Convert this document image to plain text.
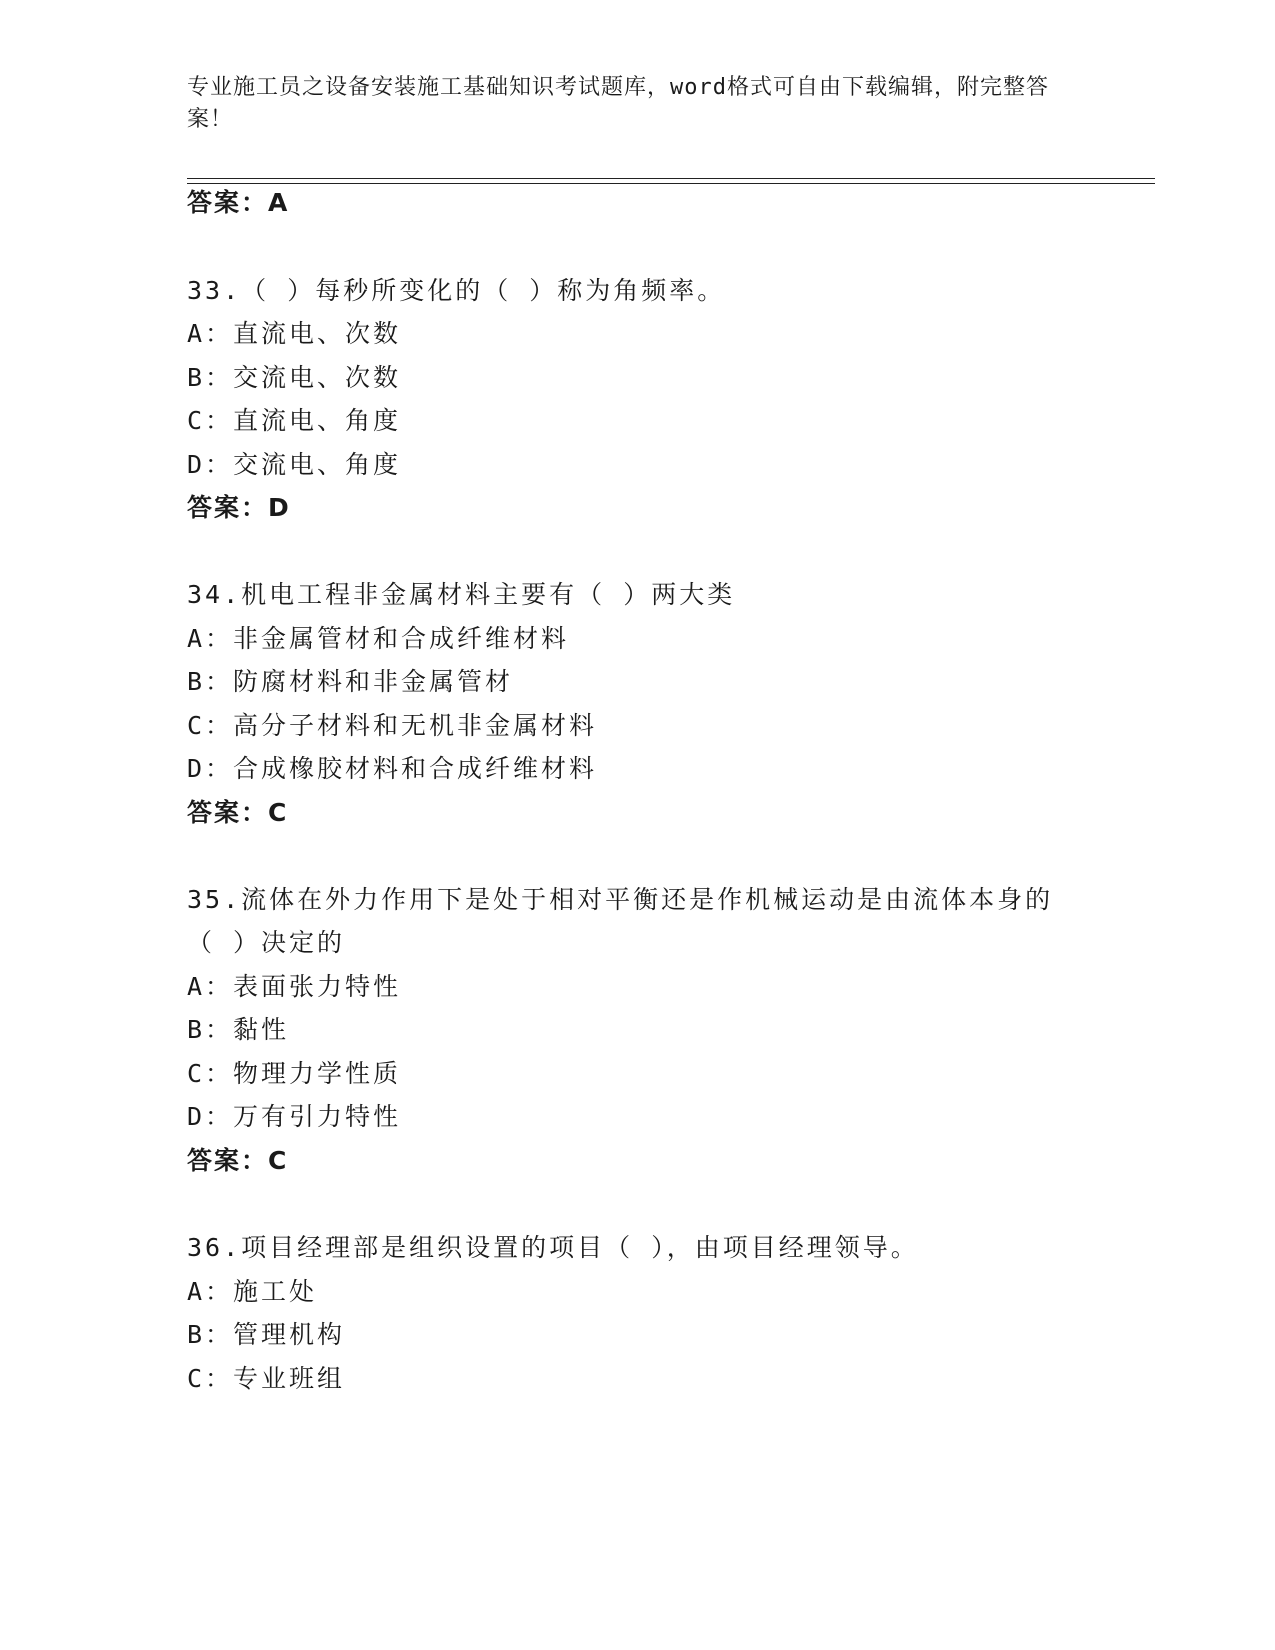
专业施工员之设备安装施工基础知识考试题库，word格式可自由下载编辑，附完整答案！
答案：A
33.（ ）每秒所变化的（ ）称为角频率。
A：直流电、次数
B：交流电、次数
C：直流电、角度
D：交流电、角度
答案：D
34.机电工程非金属材料主要有（ ）两大类
A：非金属管材和合成纤维材料
B：防腐材料和非金属管材
C：高分子材料和无机非金属材料
D：合成橡胶材料和合成纤维材料
答案：C
35.流体在外力作用下是处于相对平衡还是作机械运动是由流体本身的
（ ）决定的
A：表面张力特性
B：黏性
C：物理力学性质
D：万有引力特性
答案：C
36.项目经理部是组织设置的项目（ ），由项目经理领导。
A：施工处
B：管理机构
C：专业班组
